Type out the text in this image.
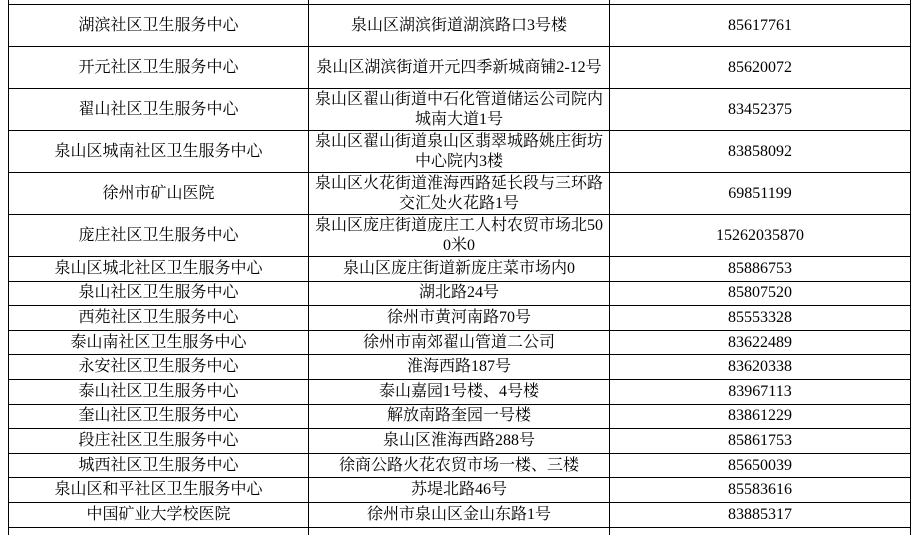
湖滨社区卫生服务中心	泉山区湖滨街道湖滨路口3号楼	85617761
开元社区卫生服务中心	泉山区湖滨街道开元四季新城商铺2-12号	85620072
翟山社区卫生服务中心	泉山区翟山街道中石化管道储运公司院内城南大道1号	83452375
泉山区城南社区卫生服务中心	泉山区翟山街道泉山区翡翠城路姚庄街坊中心院内3楼	83858092
徐州市矿山医院	泉山区火花街道淮海西路延长段与三环路交汇处火花路1号	69851199
庞庄社区卫生服务中心	泉山区庞庄街道庞庄工人村农贸市场北500米0	15262035870
泉山区城北社区卫生服务中心	泉山区庞庄街道新庞庄菜市场内0	85886753
泉山社区卫生服务中心	湖北路24号	85807520
西苑社区卫生服务中心	徐州市黄河南路70号	85553328
泰山南社区卫生服务中心	徐州市南郊翟山管道二公司	83622489
永安社区卫生服务中心	淮海西路187号	83620338
泰山社区卫生服务中心	泰山嘉园1号楼、4号楼	83967113
奎山社区卫生服务中心	解放南路奎园一号楼	83861229
段庄社区卫生服务中心	泉山区淮海西路288号	85861753
城西社区卫生服务中心	徐商公路火花农贸市场一楼、三楼	85650039
泉山区和平社区卫生服务中心	苏堤北路46号	85583616
中国矿业大学校医院	徐州市泉山区金山东路1号	83885317
